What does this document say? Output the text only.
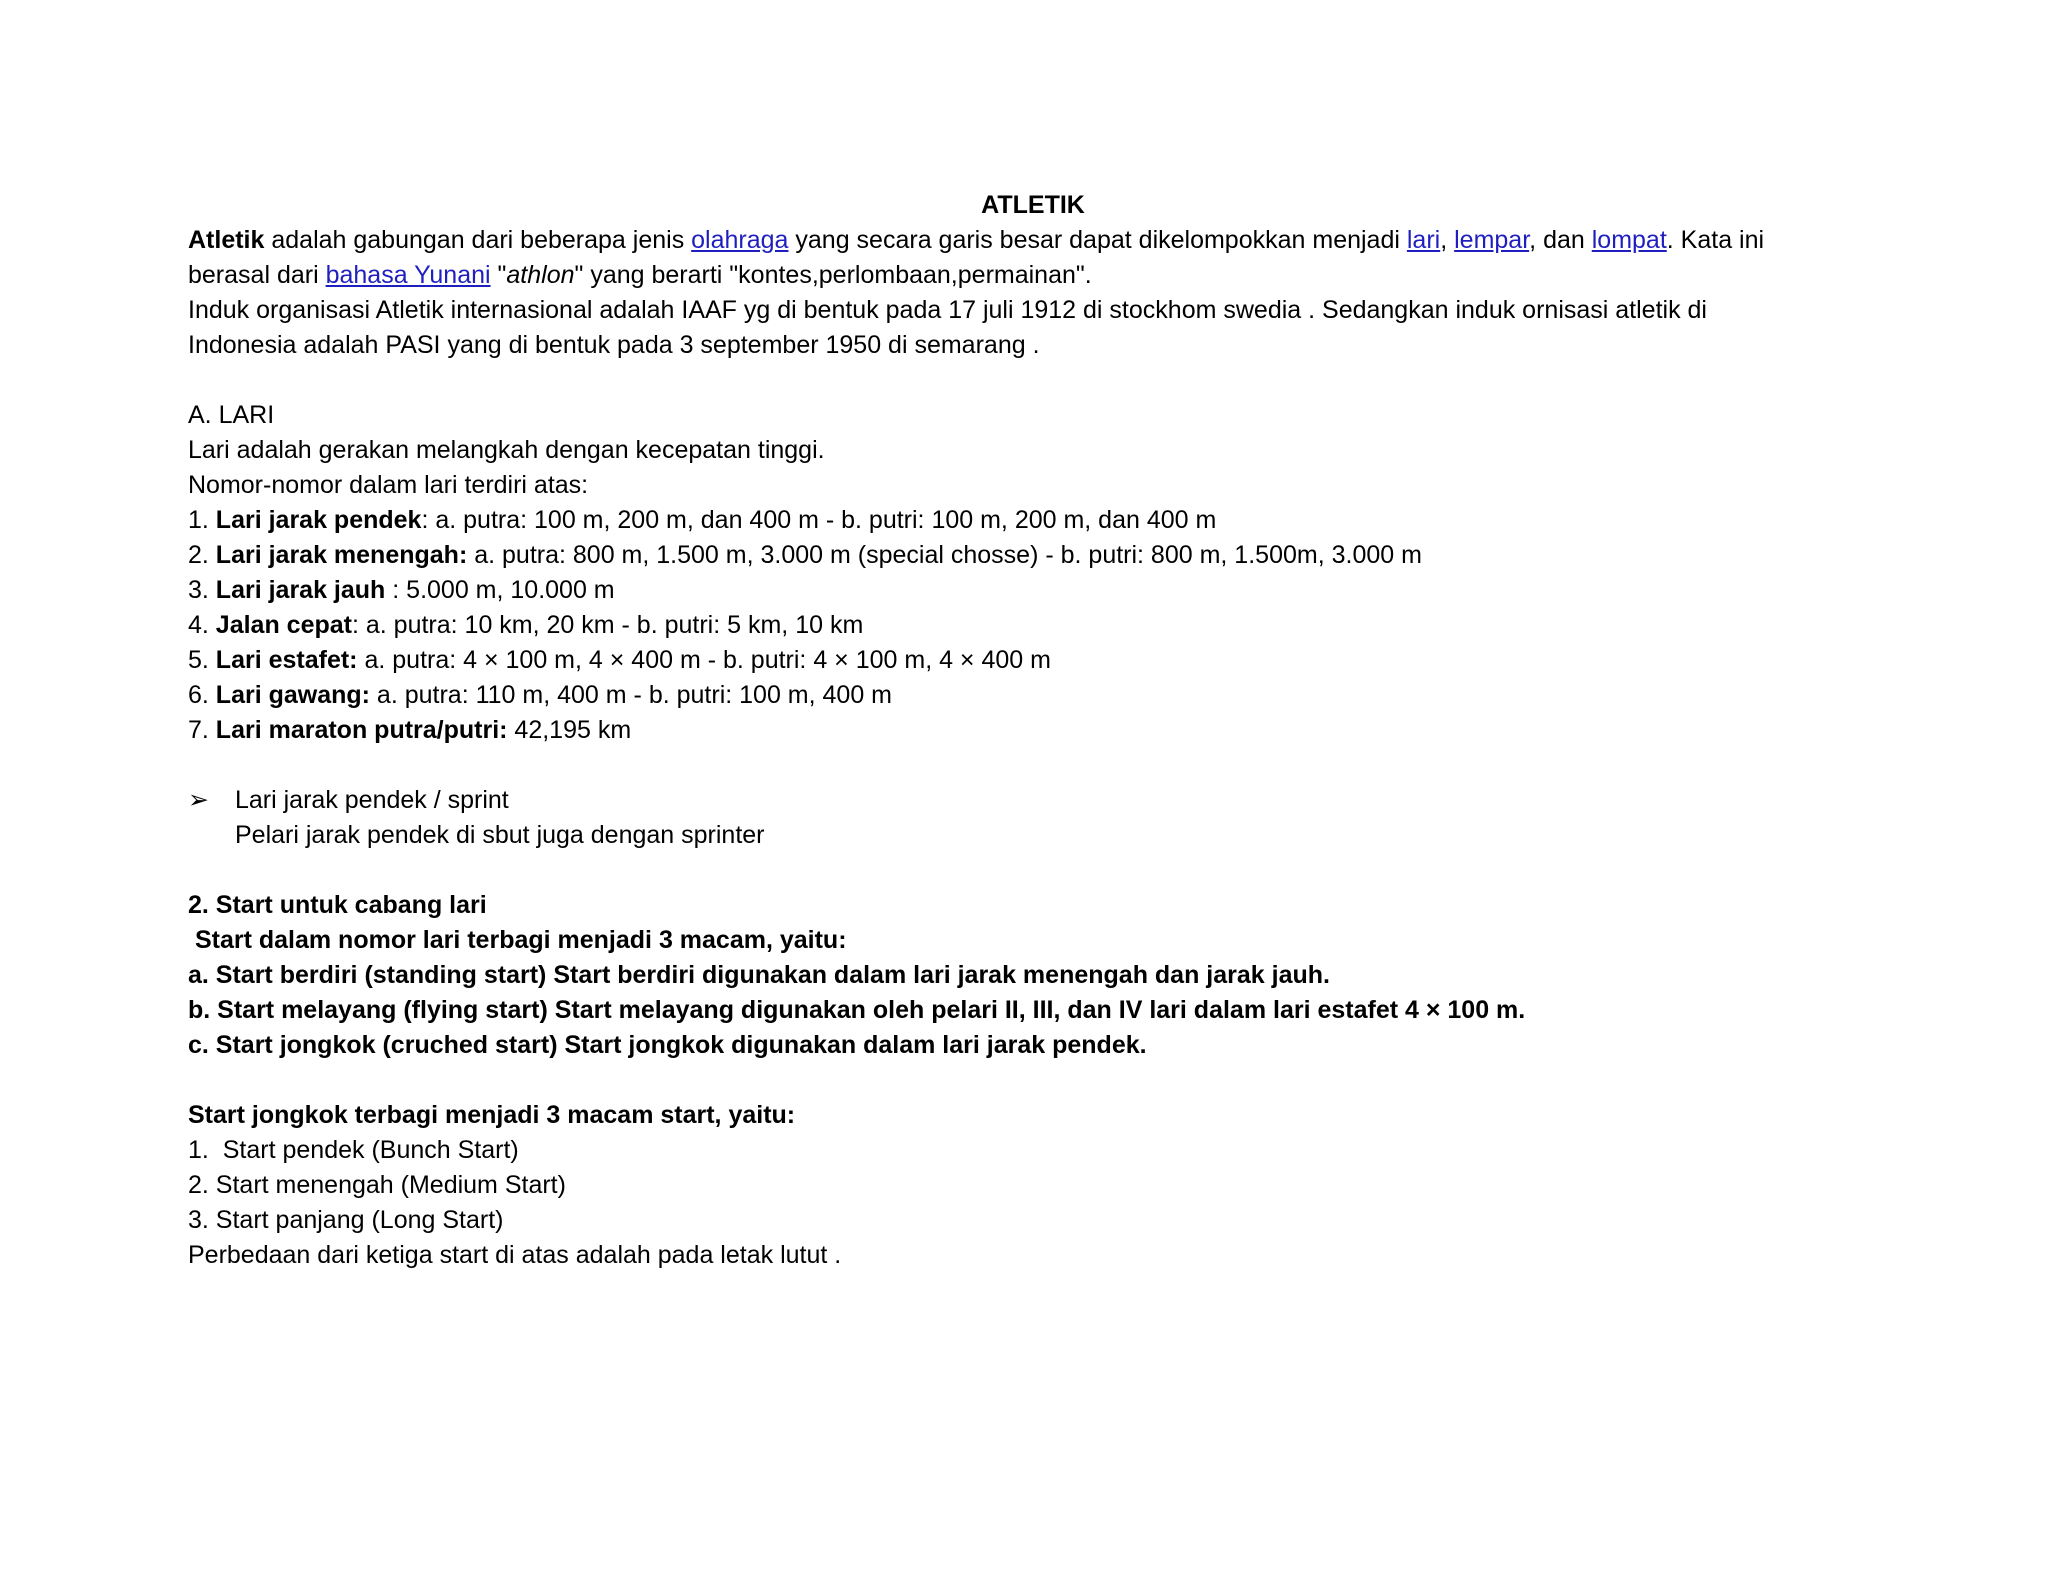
ATLETIK
Atletik adalah gabungan dari beberapa jenis olahraga yang secara garis besar dapat dikelompokkan menjadi lari, lempar, dan lompat. Kata ini
berasal dari bahasa Yunani "athlon" yang berarti "kontes,perlombaan,permainan".
Induk organisasi Atletik internasional adalah IAAF yg di bentuk pada 17 juli 1912 di stockhom swedia . Sedangkan induk ornisasi atletik di
Indonesia adalah PASI yang di bentuk pada 3 september 1950 di semarang .
A. LARI
Lari adalah gerakan melangkah dengan kecepatan tinggi.
Nomor-nomor dalam lari terdiri atas:
1. Lari jarak pendek: a. putra: 100 m, 200 m, dan 400 m - b. putri: 100 m, 200 m, dan 400 m
2. Lari jarak menengah: a. putra: 800 m, 1.500 m, 3.000 m (special chosse) - b. putri: 800 m, 1.500m, 3.000 m
3. Lari jarak jauh : 5.000 m, 10.000 m
4. Jalan cepat: a. putra: 10 km, 20 km - b. putri: 5 km, 10 km
5. Lari estafet: a. putra: 4 × 100 m, 4 × 400 m - b. putri: 4 × 100 m, 4 × 400 m
6. Lari gawang: a. putra: 110 m, 400 m - b. putri: 100 m, 400 m
7. Lari maraton putra/putri: 42,195 km
➢	Lari jarak pendek / sprint
Pelari jarak pendek di sbut juga dengan sprinter
2. Start untuk cabang lari
Start dalam nomor lari terbagi menjadi 3 macam, yaitu:
a. Start berdiri (standing start) Start berdiri digunakan dalam lari jarak menengah dan jarak jauh.
b. Start melayang (flying start) Start melayang digunakan oleh pelari II, III, dan IV lari dalam lari estafet 4 × 100 m.
c. Start jongkok (cruched start) Start jongkok digunakan dalam lari jarak pendek.
Start jongkok terbagi menjadi 3 macam start, yaitu:
1.  Start pendek (Bunch Start)
2. Start menengah (Medium Start)
3. Start panjang (Long Start)
Perbedaan dari ketiga start di atas adalah pada letak lutut .
